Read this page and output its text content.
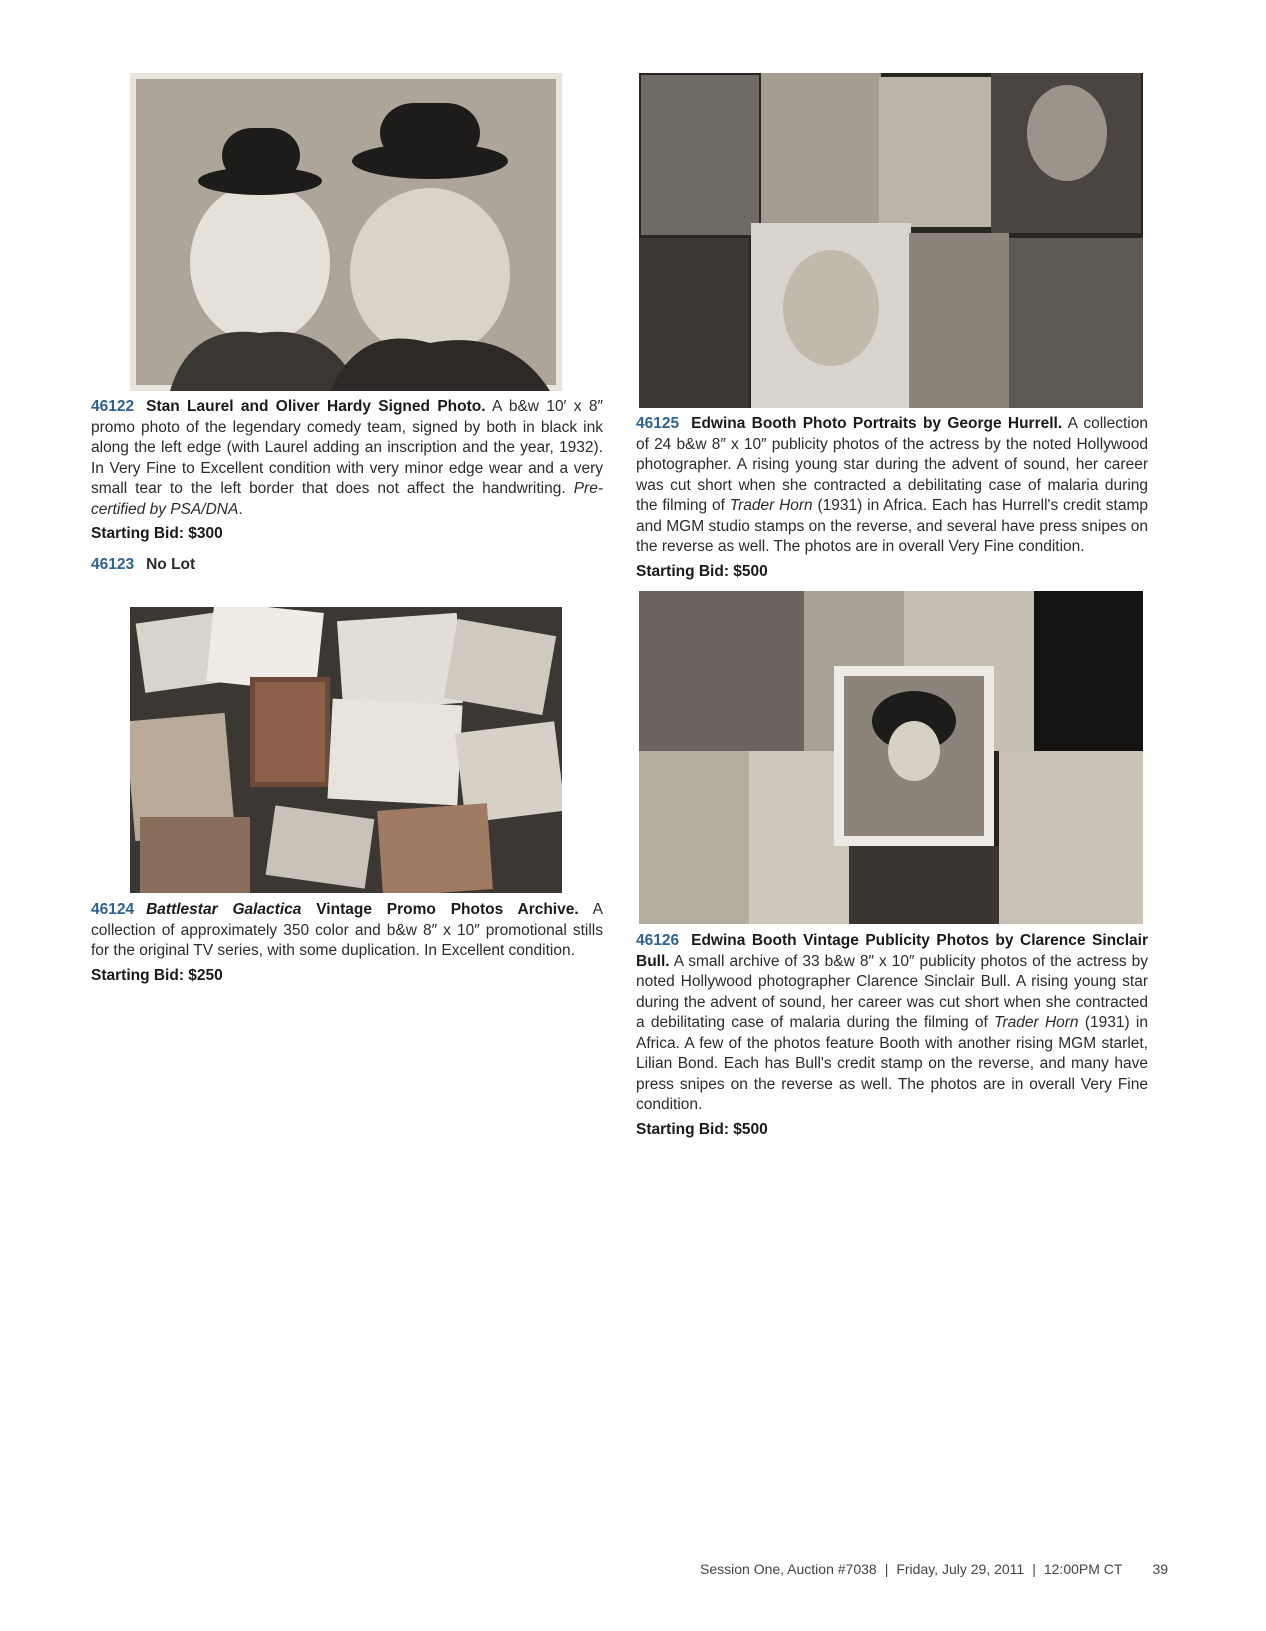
46122 Stan Laurel and Oliver Hardy Signed Photo. A b&w 10′ x 8″ promo photo of the legendary comedy team, signed by both in black ink along the left edge (with Laurel adding an inscription and the year, 1932). In Very Fine to Excellent condition with very minor edge wear and a very small tear to the left border that does not affect the handwriting. Pre-certified by PSA/DNA.
Starting Bid: $300
46123 No Lot
46124 Battlestar Galactica Vintage Promo Photos Archive. A collection of approximately 350 color and b&w 8″ x 10″ promotional stills for the original TV series, with some duplication. In Excellent condition.
Starting Bid: $250
46125 Edwina Booth Photo Portraits by George Hurrell. A collection of 24 b&w 8″ x 10″ publicity photos of the actress by the noted Hollywood photographer. A rising young star during the advent of sound, her career was cut short when she contracted a debilitating case of malaria during the filming of Trader Horn (1931) in Africa. Each has Hurrell's credit stamp and MGM studio stamps on the reverse, and several have press snipes on the reverse as well. The photos are in overall Very Fine condition.
Starting Bid: $500
46126 Edwina Booth Vintage Publicity Photos by Clarence Sinclair Bull. A small archive of 33 b&w 8″ x 10″ publicity photos of the actress by noted Hollywood photographer Clarence Sinclair Bull. A rising young star during the advent of sound, her career was cut short when she contracted a debilitating case of malaria during the filming of Trader Horn (1931) in Africa. A few of the photos feature Booth with another rising MGM starlet, Lilian Bond. Each has Bull's credit stamp on the reverse, and many have press snipes on the reverse as well. The photos are in overall Very Fine condition.
Starting Bid: $500
Session One, Auction #7038 | Friday, July 29, 2011 | 12:00PM CT 39
